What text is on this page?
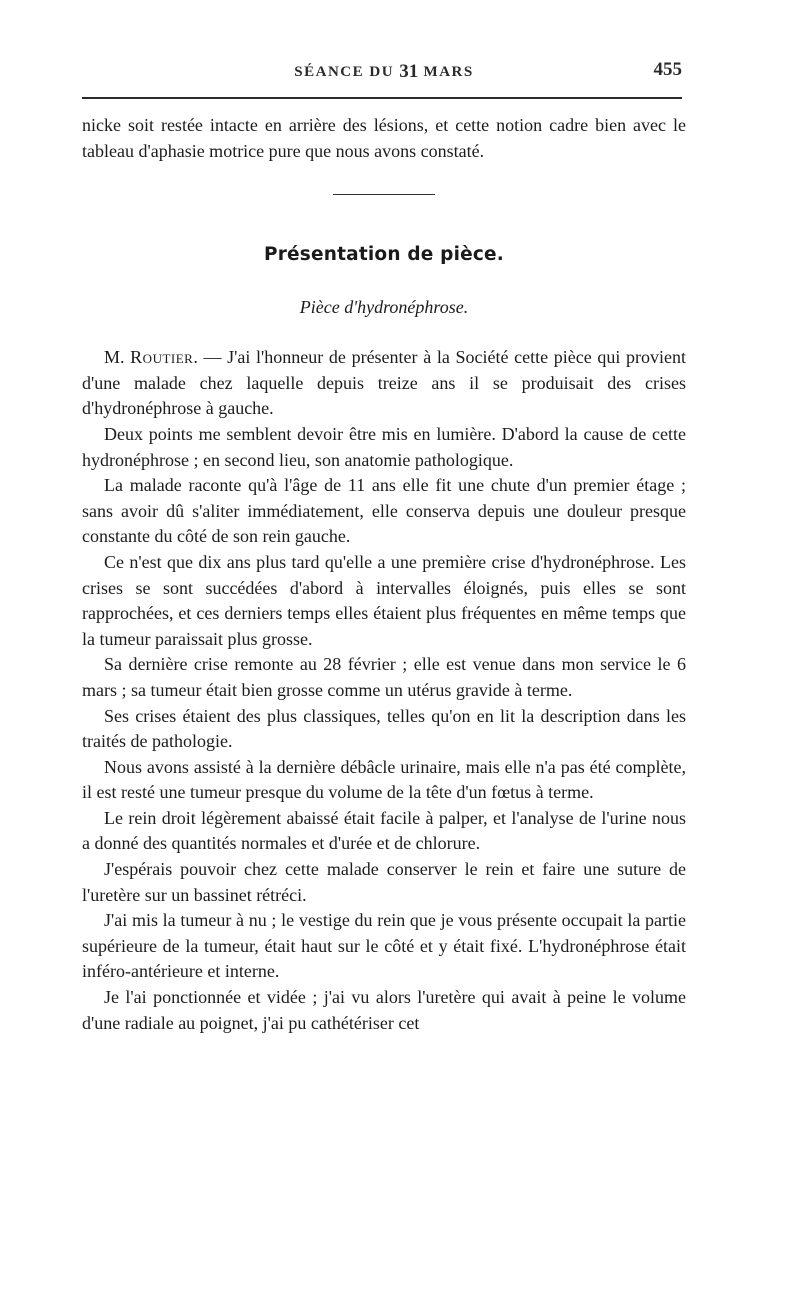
SÉANCE DU 31 MARS	455

nicke soit restée intacte en arrière des lésions, et cette notion cadre bien avec le tableau d'aphasie motrice pure que nous avons constaté.

Présentation de pièce.
Pièce d'hydronéphrose.

M. Routier. — J'ai l'honneur de présenter à la Société cette pièce qui provient d'une malade chez laquelle depuis treize ans il se produisait des crises d'hydronéphrose à gauche.

Deux points me semblent devoir être mis en lumière. D'abord la cause de cette hydronéphrose ; en second lieu, son anatomie pathologique.

La malade raconte qu'à l'âge de 11 ans elle fit une chute d'un premier étage ; sans avoir dû s'aliter immédiatement, elle conserva depuis une douleur presque constante du côté de son rein gauche.

Ce n'est que dix ans plus tard qu'elle a une première crise d'hydronéphrose. Les crises se sont succédées d'abord à intervalles éloignés, puis elles se sont rapprochées, et ces derniers temps elles étaient plus fréquentes en même temps que la tumeur paraissait plus grosse.

Sa dernière crise remonte au 28 février ; elle est venue dans mon service le 6 mars ; sa tumeur était bien grosse comme un utérus gravide à terme.

Ses crises étaient des plus classiques, telles qu'on en lit la description dans les traités de pathologie.

Nous avons assisté à la dernière débâcle urinaire, mais elle n'a pas été complète, il est resté une tumeur presque du volume de la tête d'un fœtus à terme.

Le rein droit légèrement abaissé était facile à palper, et l'analyse de l'urine nous a donné des quantités normales et d'urée et de chlorure.

J'espérais pouvoir chez cette malade conserver le rein et faire une suture de l'uretère sur un bassinet rétréci.

J'ai mis la tumeur à nu ; le vestige du rein que je vous présente occupait la partie supérieure de la tumeur, était haut sur le côté et y était fixé. L'hydronéphrose était inféro-antérieure et interne.

Je l'ai ponctionnée et vidée ; j'ai vu alors l'uretère qui avait à peine le volume d'une radiale au poignet, j'ai pu cathétériser cet
